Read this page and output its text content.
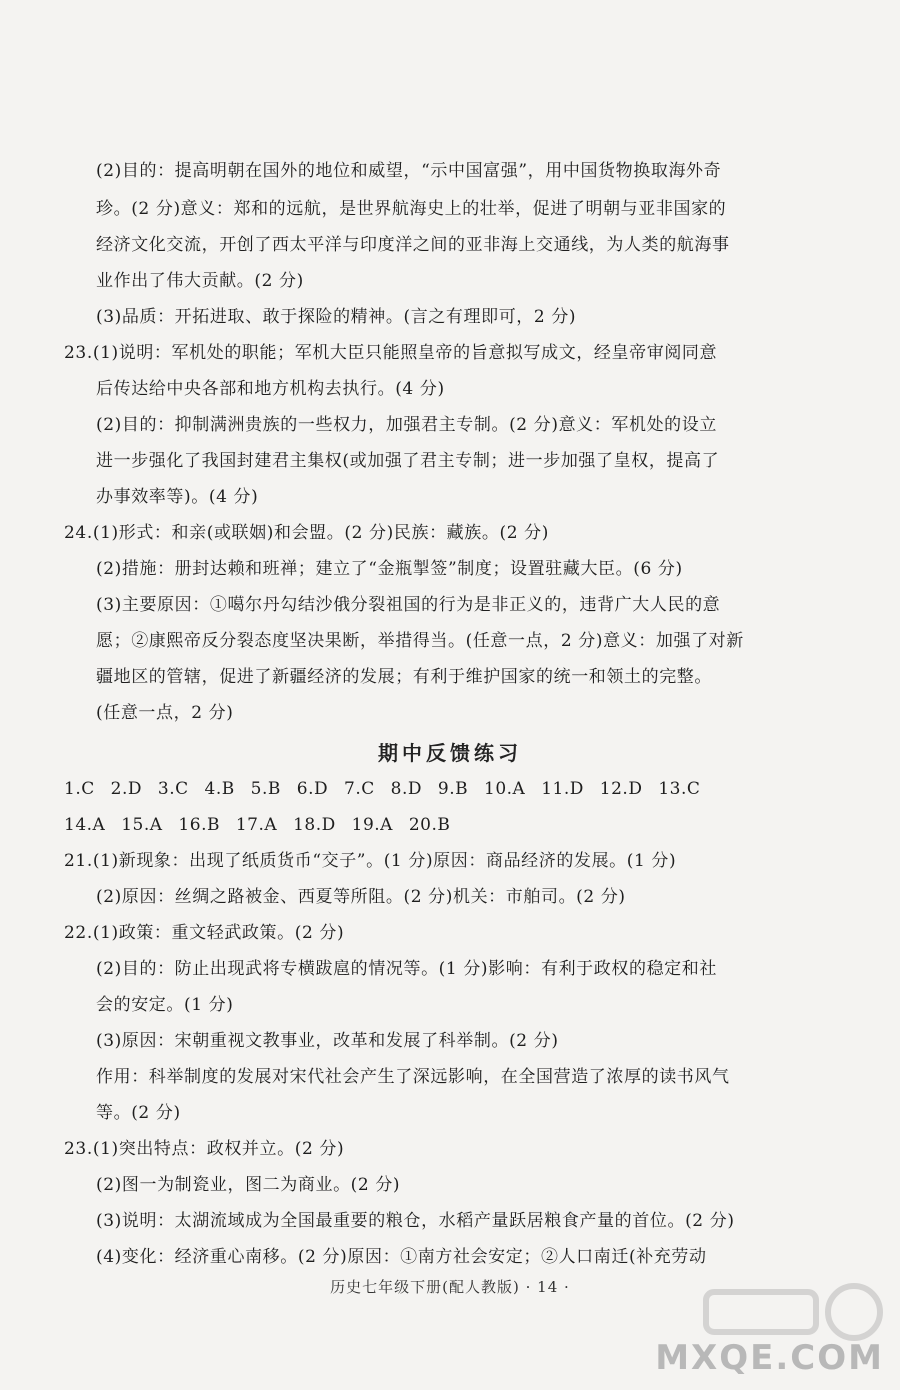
(2)目的：提高明朝在国外的地位和威望，“示中国富强”，用中国货物换取海外奇
珍。(2 分)意义：郑和的远航，是世界航海史上的壮举，促进了明朝与亚非国家的
经济文化交流，开创了西太平洋与印度洋之间的亚非海上交通线，为人类的航海事
业作出了伟大贡献。(2 分)
(3)品质：开拓进取、敢于探险的精神。(言之有理即可，2 分)
23.(1)说明：军机处的职能；军机大臣只能照皇帝的旨意拟写成文，经皇帝审阅同意
后传达给中央各部和地方机构去执行。(4 分)
(2)目的：抑制满洲贵族的一些权力，加强君主专制。(2 分)意义：军机处的设立
进一步强化了我国封建君主集权(或加强了君主专制；进一步加强了皇权，提高了
办事效率等)。(4 分)
24.(1)形式：和亲(或联姻)和会盟。(2 分)民族：藏族。(2 分)
(2)措施：册封达赖和班禅；建立了“金瓶掣签”制度；设置驻藏大臣。(6 分)
(3)主要原因：①噶尔丹勾结沙俄分裂祖国的行为是非正义的，违背广大人民的意
愿；②康熙帝反分裂态度坚决果断，举措得当。(任意一点，2 分)意义：加强了对新
疆地区的管辖，促进了新疆经济的发展；有利于维护国家的统一和领土的完整。
(任意一点，2 分)
期中反馈练习
1.C 2.D 3.C 4.B 5.B 6.D 7.C 8.D 9.B 10.A 11.D 12.D 13.C
14.A 15.A 16.B 17.A 18.D 19.A 20.B
21.(1)新现象：出现了纸质货币“交子”。(1 分)原因：商品经济的发展。(1 分)
(2)原因：丝绸之路被金、西夏等所阻。(2 分)机关：市舶司。(2 分)
22.(1)政策：重文轻武政策。(2 分)
(2)目的：防止出现武将专横跋扈的情况等。(1 分)影响：有利于政权的稳定和社
会的安定。(1 分)
(3)原因：宋朝重视文教事业，改革和发展了科举制。(2 分)
作用：科举制度的发展对宋代社会产生了深远影响，在全国营造了浓厚的读书风气
等。(2 分)
23.(1)突出特点：政权并立。(2 分)
(2)图一为制瓷业，图二为商业。(2 分)
(3)说明：太湖流域成为全国最重要的粮仓，水稻产量跃居粮食产量的首位。(2 分)
(4)变化：经济重心南移。(2 分)原因：①南方社会安定；②人口南迁(补充劳动
历史七年级下册(配人教版) · 14 ·
MXQE.COM
